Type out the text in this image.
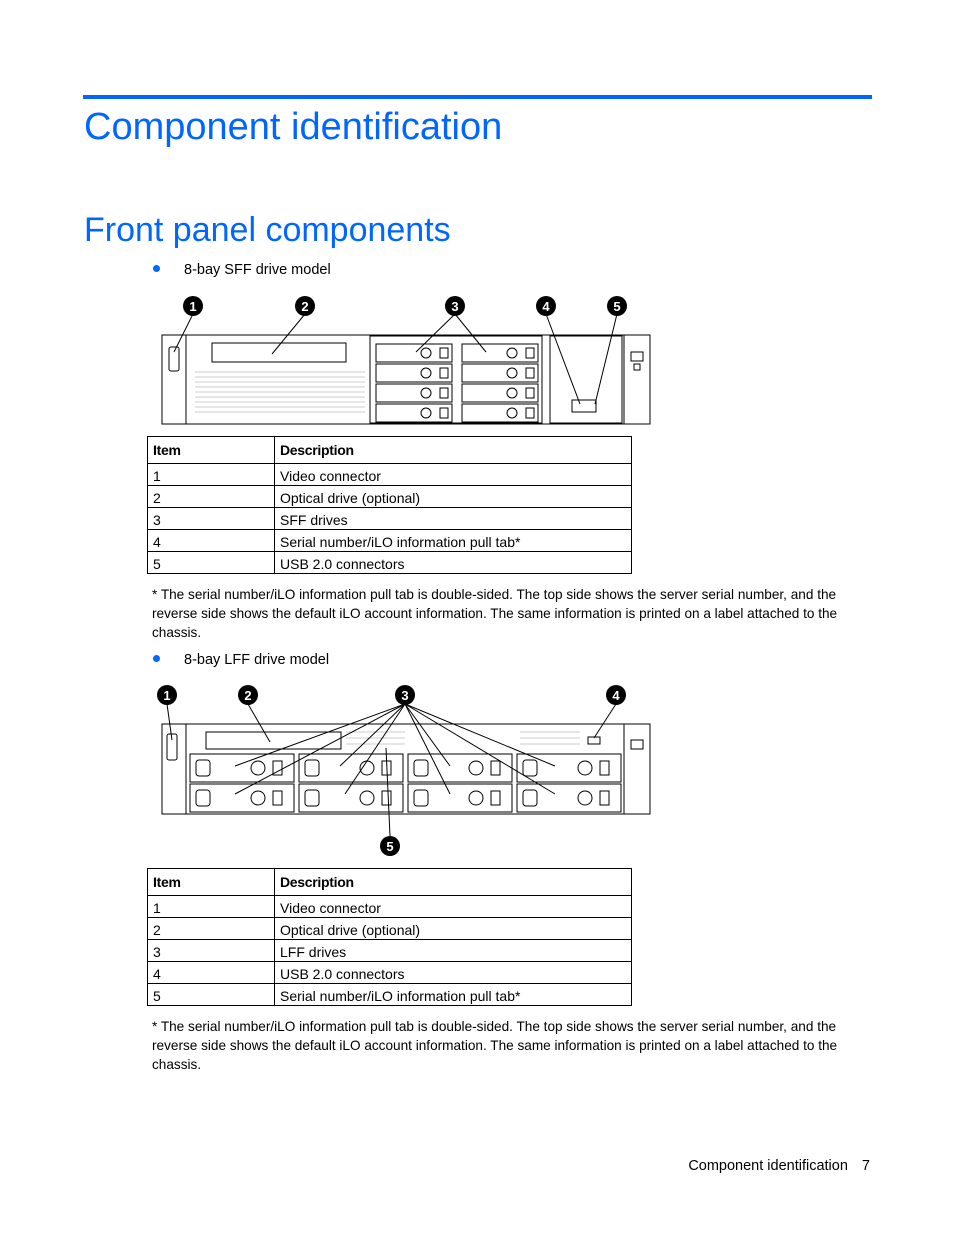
Component identification
Front panel components
8-bay SFF drive model
1	2	3	4	5
Item	Description
1	Video connector
2	Optical drive (optional)
3	SFF drives
4	Serial number/iLO information pull tab*
5	USB 2.0 connectors
* The serial number/iLO information pull tab is double-sided. The top side shows the server serial number, and the reverse side shows the default iLO account information. The same information is printed on a label attached to the chassis.
8-bay LFF drive model
1	2	3	4
5
Item	Description
1	Video connector
2	Optical drive (optional)
3	LFF drives
4	USB 2.0 connectors
5	Serial number/iLO information pull tab*
* The serial number/iLO information pull tab is double-sided. The top side shows the server serial number, and the reverse side shows the default iLO account information. The same information is printed on a label attached to the chassis.
Component identification 7
